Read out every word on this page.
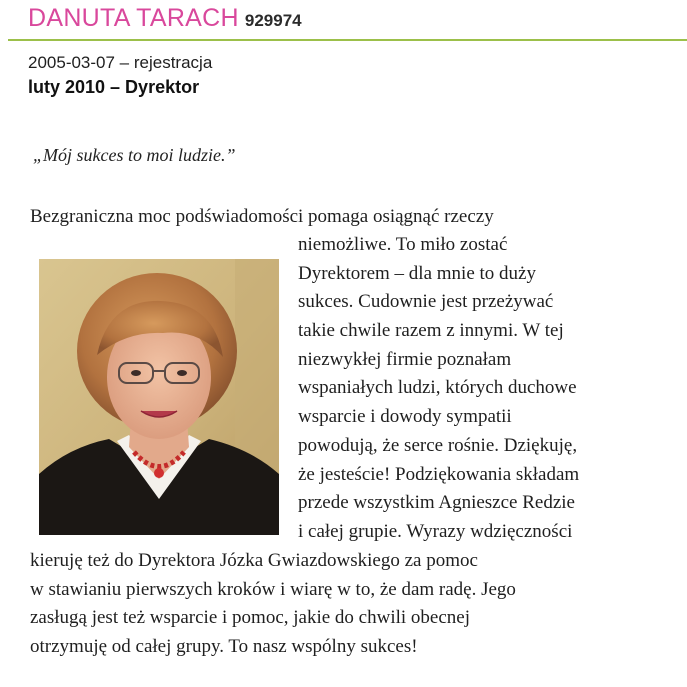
DANUTA TARACH 929974
2005-03-07 – rejestracja
luty 2010 – Dyrektor
„Mój sukces to moi ludzie.”
Bezgraniczna moc podświadomości pomaga osiągnąć rzeczy
niemożliwe. To miło zostać
Dyrektorem – dla mnie to duży
sukces. Cudownie jest przeżywać
takie chwile razem z innymi. W tej
niezwykłej firmie poznałam
wspaniałych ludzi, których duchowe
wsparcie i dowody sympatii
powodują, że serce rośnie. Dziękuję,
że jesteście! Podziękowania składam
przede wszystkim Agnieszce Redzie
i całej grupie. Wyrazy wdzięczności
kieruję też do Dyrektora Józka Gwiazdowskiego za pomoc
w stawianiu pierwszych kroków i wiarę w to, że dam radę. Jego
zasługą jest też wsparcie i pomoc, jakie do chwili obecnej
otrzymuję od całej grupy. To nasz wspólny sukces!
